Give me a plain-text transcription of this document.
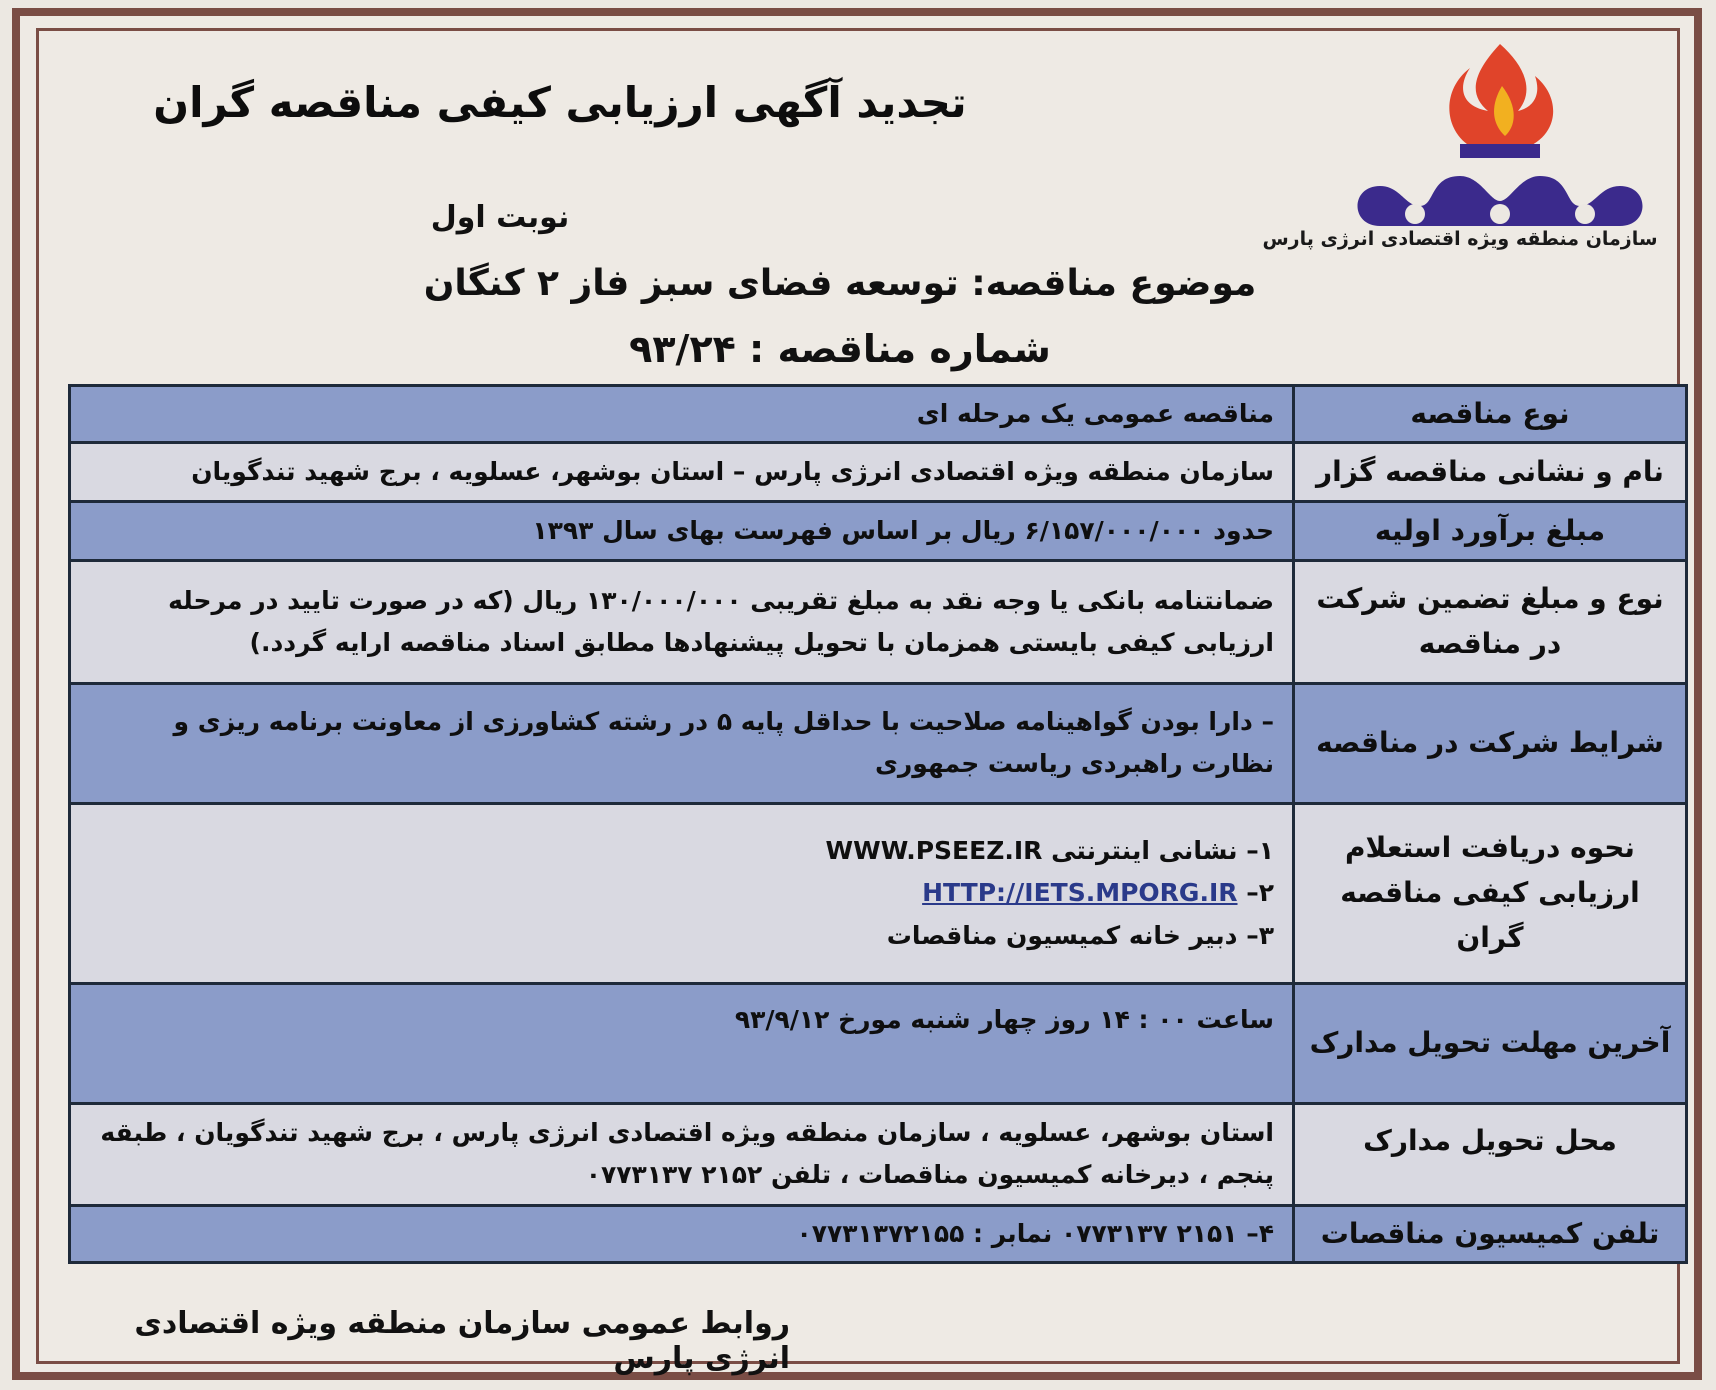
سازمان منطقه ویژه اقتصادی انرژی پارس
تجدید آگهی ارزیابی کیفی مناقصه گران
نوبت اول
موضوع مناقصه: توسعه فضای سبز فاز ۲ کنگان
شماره مناقصه : ۹۳/۲۴
نوع مناقصه	مناقصه عمومی یک مرحله ای
نام و نشانی مناقصه گزار	سازمان منطقه ویژه اقتصادی انرژی پارس – استان بوشهر، عسلویه ، برج شهید تندگویان
مبلغ برآورد اولیه	حدود ۶/۱۵۷/۰۰۰/۰۰۰ ریال بر اساس فهرست بهای سال ۱۳۹۳
نوع و مبلغ تضمین شرکت در مناقصه	ضمانتنامه بانکی یا وجه نقد به مبلغ تقریبی ۱۳۰/۰۰۰/۰۰۰ ریال (که در صورت تایید در مرحله ارزیابی کیفی بایستی همزمان با تحویل پیشنهادها مطابق اسناد مناقصه ارایه گردد.)
شرایط شرکت در مناقصه	– دارا بودن گواهینامه صلاحیت با حداقل پایه ۵ در رشته کشاورزی از معاونت برنامه ریزی و نظارت راهبردی ریاست جمهوری
نحوه دریافت استعلام ارزیابی کیفی مناقصه گران	۱– نشانی اینترنتی WWW.PSEEZ.IR
۲– HTTP://IETS.MPORG.IR
۳– دبیر خانه کمیسیون مناقصات

آخرین مهلت تحویل مدارک	ساعت ۰۰ : ۱۴ روز چهار شنبه مورخ ۹۳/۹/۱۲
محل تحویل مدارک	استان بوشهر، عسلویه ، سازمان منطقه ویژه اقتصادی انرژی پارس ، برج شهید تندگویان ، طبقه پنجم ، دیرخانه کمیسیون مناقصات ، تلفن ۲۱۵۲ ۰۷۷۳۱۳۷
تلفن کمیسیون مناقصات	۴– ۲۱۵۱ ۰۷۷۳۱۳۷ نمابر : ۰۷۷۳۱۳۷۲۱۵۵
روابط عمومی سازمان منطقه ویژه اقتصادی انرژی پارس
